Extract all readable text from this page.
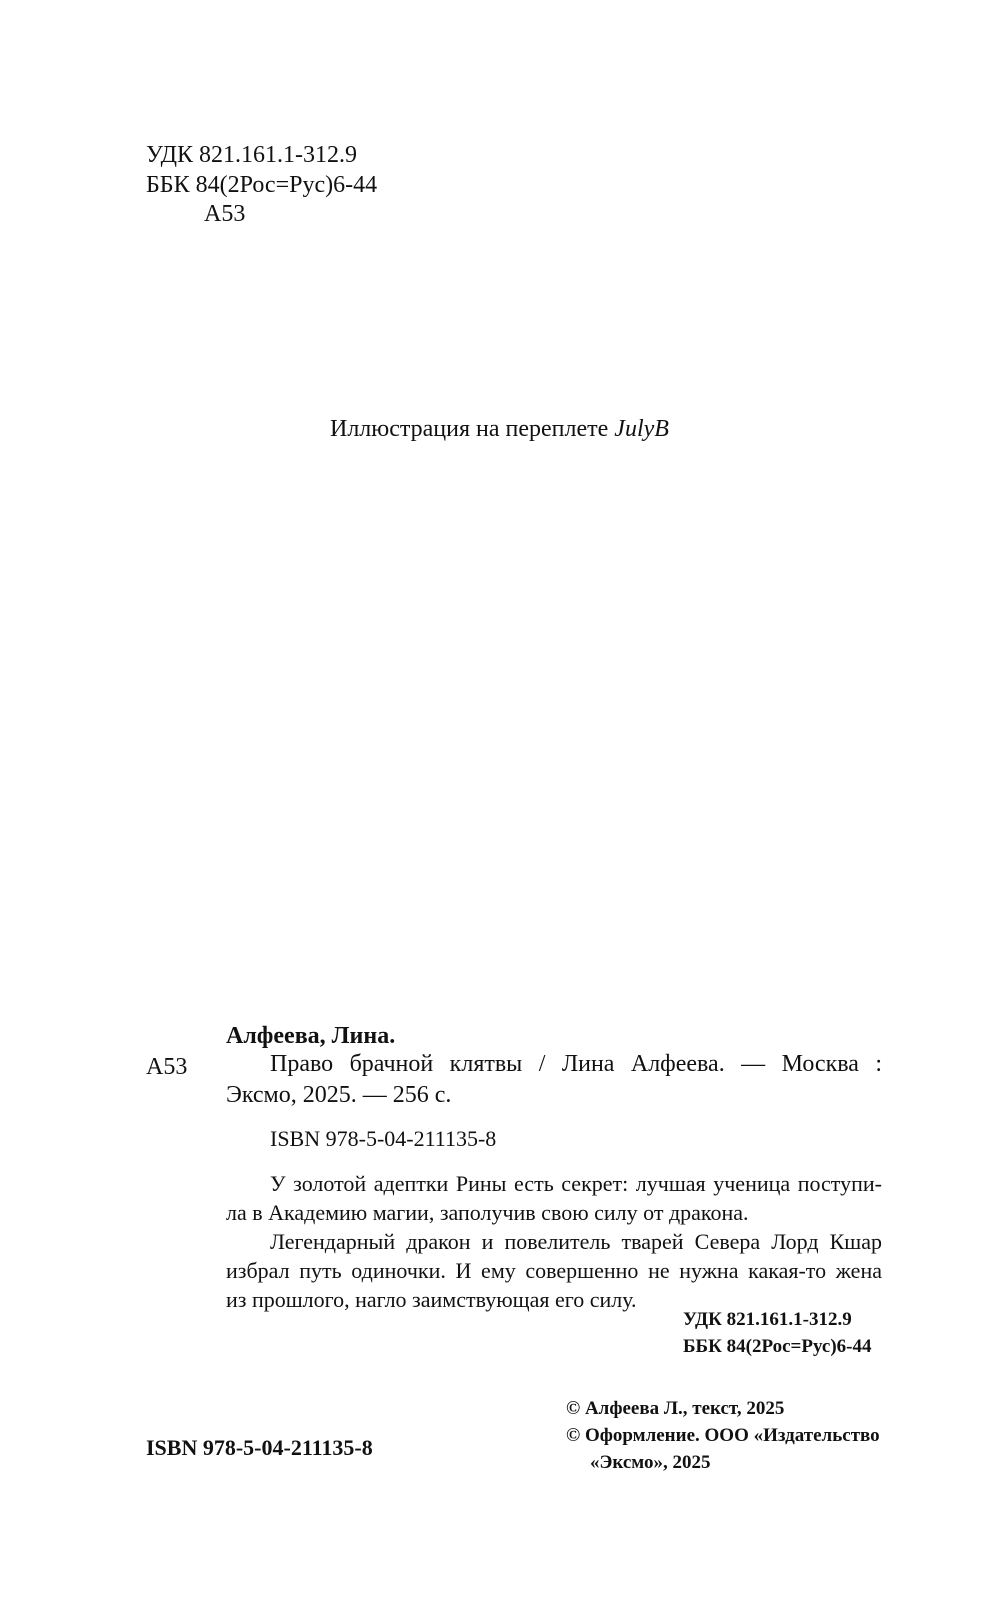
УДК 821.161.1-312.9
ББК 84(2Рос=Рус)6-44
А53
Иллюстрация на переплете JulyB
Алфеева, Лина.
А53	Право брачной клятвы / Лина Алфеева. — Москва :
Эксмо, 2025. — 256 с.
ISBN 978-5-04-211135-8
У золотой адептки Рины есть секрет: лучшая ученица поступи-
ла в Академию магии, заполучив свою силу от дракона.
Легендарный дракон и повелитель тварей Севера Лорд Кшар
избрал путь одиночки. И ему совершенно не нужна какая-то жена
из прошлого, нагло заимствующая его силу.
УДК 821.161.1-312.9
ББК 84(2Рос=Рус)6-44
ISBN 978-5-04-211135-8
© Алфеева Л., текст, 2025
© Оформление. ООО «Издательство
«Эксмо», 2025
